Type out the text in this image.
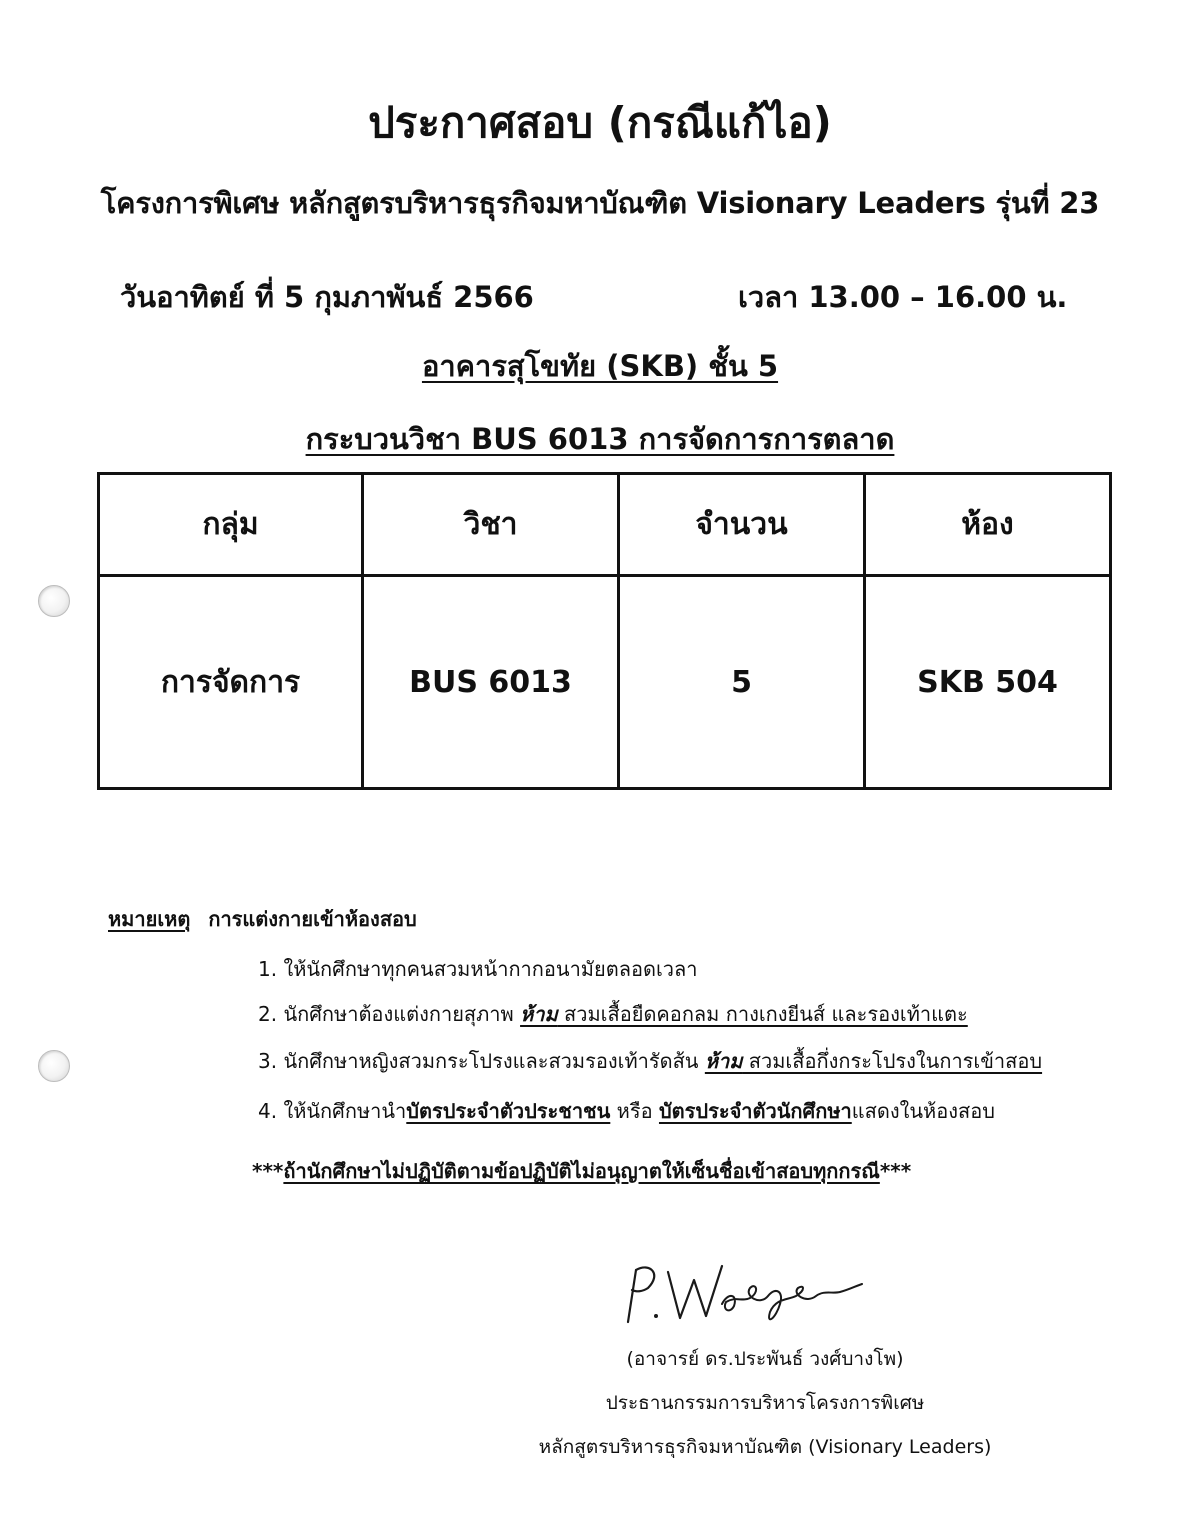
ประกาศสอบ (กรณีแก้ไอ)
โครงการพิเศษ หลักสูตรบริหารธุรกิจมหาบัณฑิต Visionary Leaders รุ่นที่ 23
วันอาทิตย์ ที่ 5 กุมภาพันธ์ 2566	เวลา 13.00 – 16.00 น.
อาคารสุโขทัย (SKB) ชั้น 5
กระบวนวิชา BUS 6013 การจัดการการตลาด
กลุ่ม	วิชา	จำนวน	ห้อง
การจัดการ	BUS 6013	5	SKB 504
หมายเหตุ การแต่งกายเข้าห้องสอบ
1. ให้นักศึกษาทุกคนสวมหน้ากากอนามัยตลอดเวลา
2. นักศึกษาต้องแต่งกายสุภาพ ห้าม สวมเสื้อยืดคอกลม กางเกงยีนส์ และรองเท้าแตะ
3. นักศึกษาหญิงสวมกระโปรงและสวมรองเท้ารัดส้น ห้าม สวมเสื้อกึ่งกระโปรงในการเข้าสอบ
4. ให้นักศึกษานำบัตรประจำตัวประชาชน หรือ บัตรประจำตัวนักศึกษาแสดงในห้องสอบ
***ถ้านักศึกษาไม่ปฏิบัติตามข้อปฏิบัติไม่อนุญาตให้เซ็นชื่อเข้าสอบทุกกรณี***
(อาจารย์ ดร.ประพันธ์ วงศ์บางโพ)
ประธานกรรมการบริหารโครงการพิเศษ
หลักสูตรบริหารธุรกิจมหาบัณฑิต (Visionary Leaders)
